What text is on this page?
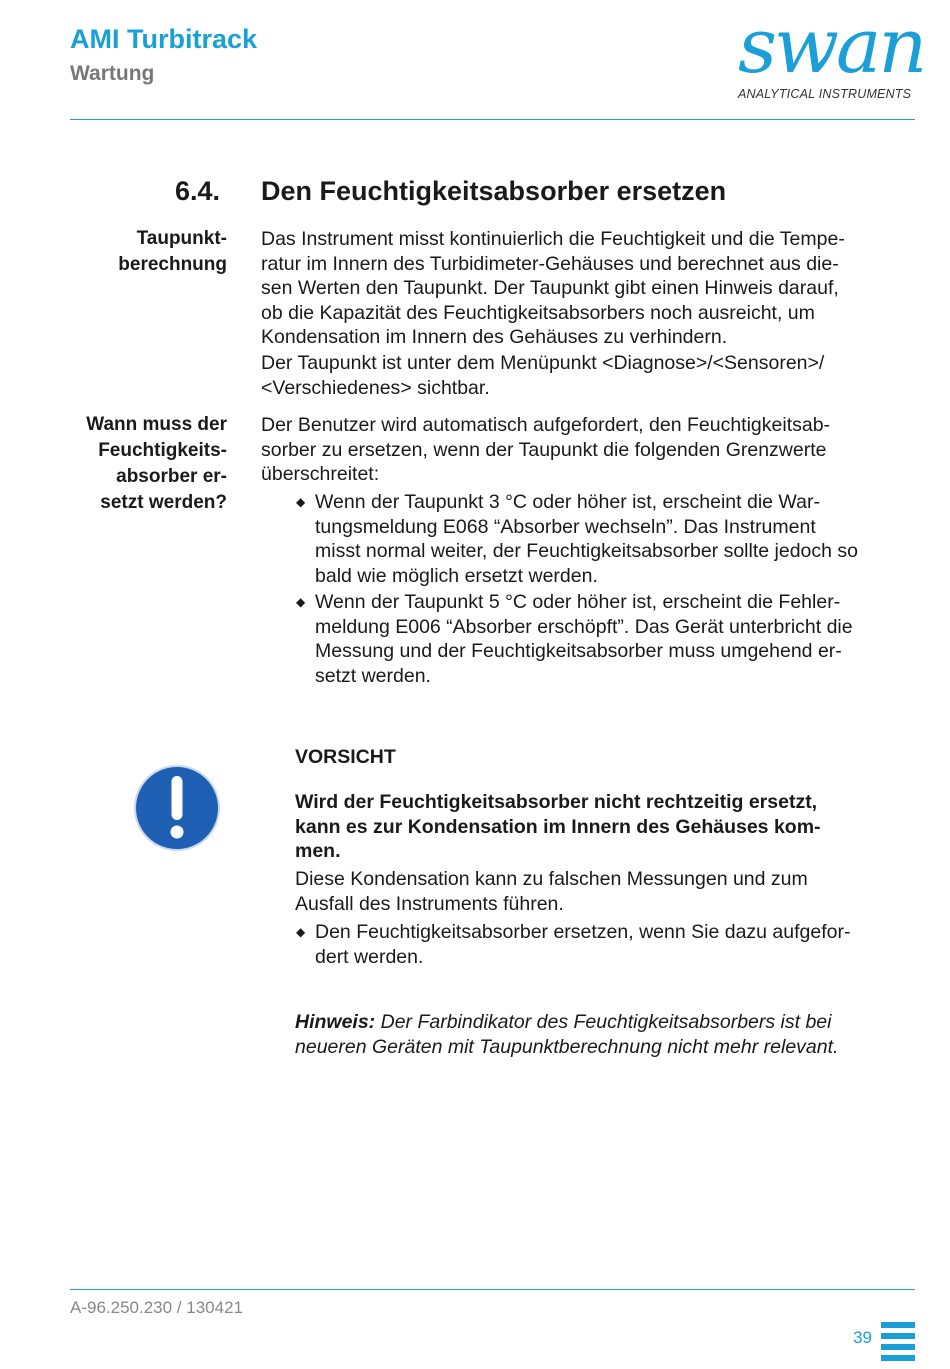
AMI Turbitrack
Wartung	swan
ANALYTICAL INSTRUMENTS
6.4. Den Feuchtigkeitsabsorber ersetzen
Taupunkt-
berechnung
Das Instrument misst kontinuierlich die Feuchtigkeit und die Tempe-
ratur im Innern des Turbidimeter-Gehäuses und berechnet aus die-
sen Werten den Taupunkt. Der Taupunkt gibt einen Hinweis darauf,
ob die Kapazität des Feuchtigkeitsabsorbers noch ausreicht, um
Kondensation im Innern des Gehäuses zu verhindern.
Der Taupunkt ist unter dem Menüpunkt <Diagnose>/<Sensoren>/
<Verschiedenes> sichtbar.
Wann muss der
Feuchtigkeits-
absorber er-
setzt werden?
Der Benutzer wird automatisch aufgefordert, den Feuchtigkeitsab-
sorber zu ersetzen, wenn der Taupunkt die folgenden Grenzwerte
überschreitet:
◆ Wenn der Taupunkt 3 °C oder höher ist, erscheint die War-
tungsmeldung E068 “Absorber wechseln”. Das Instrument
misst normal weiter, der Feuchtigkeitsabsorber sollte jedoch so
bald wie möglich ersetzt werden.
◆ Wenn der Taupunkt 5 °C oder höher ist, erscheint die Fehler-
meldung E006 “Absorber erschöpft”. Das Gerät unterbricht die
Messung und der Feuchtigkeitsabsorber muss umgehend er-
setzt werden.
VORSICHT
Wird der Feuchtigkeitsabsorber nicht rechtzeitig ersetzt,
kann es zur Kondensation im Innern des Gehäuses kom-
men.
Diese Kondensation kann zu falschen Messungen und zum
Ausfall des Instruments führen.
◆ Den Feuchtigkeitsabsorber ersetzen, wenn Sie dazu aufgefor-
dert werden.
Hinweis: Der Farbindikator des Feuchtigkeitsabsorbers ist bei
neueren Geräten mit Taupunktberechnung nicht mehr relevant.
A-96.250.230 / 130421
39
